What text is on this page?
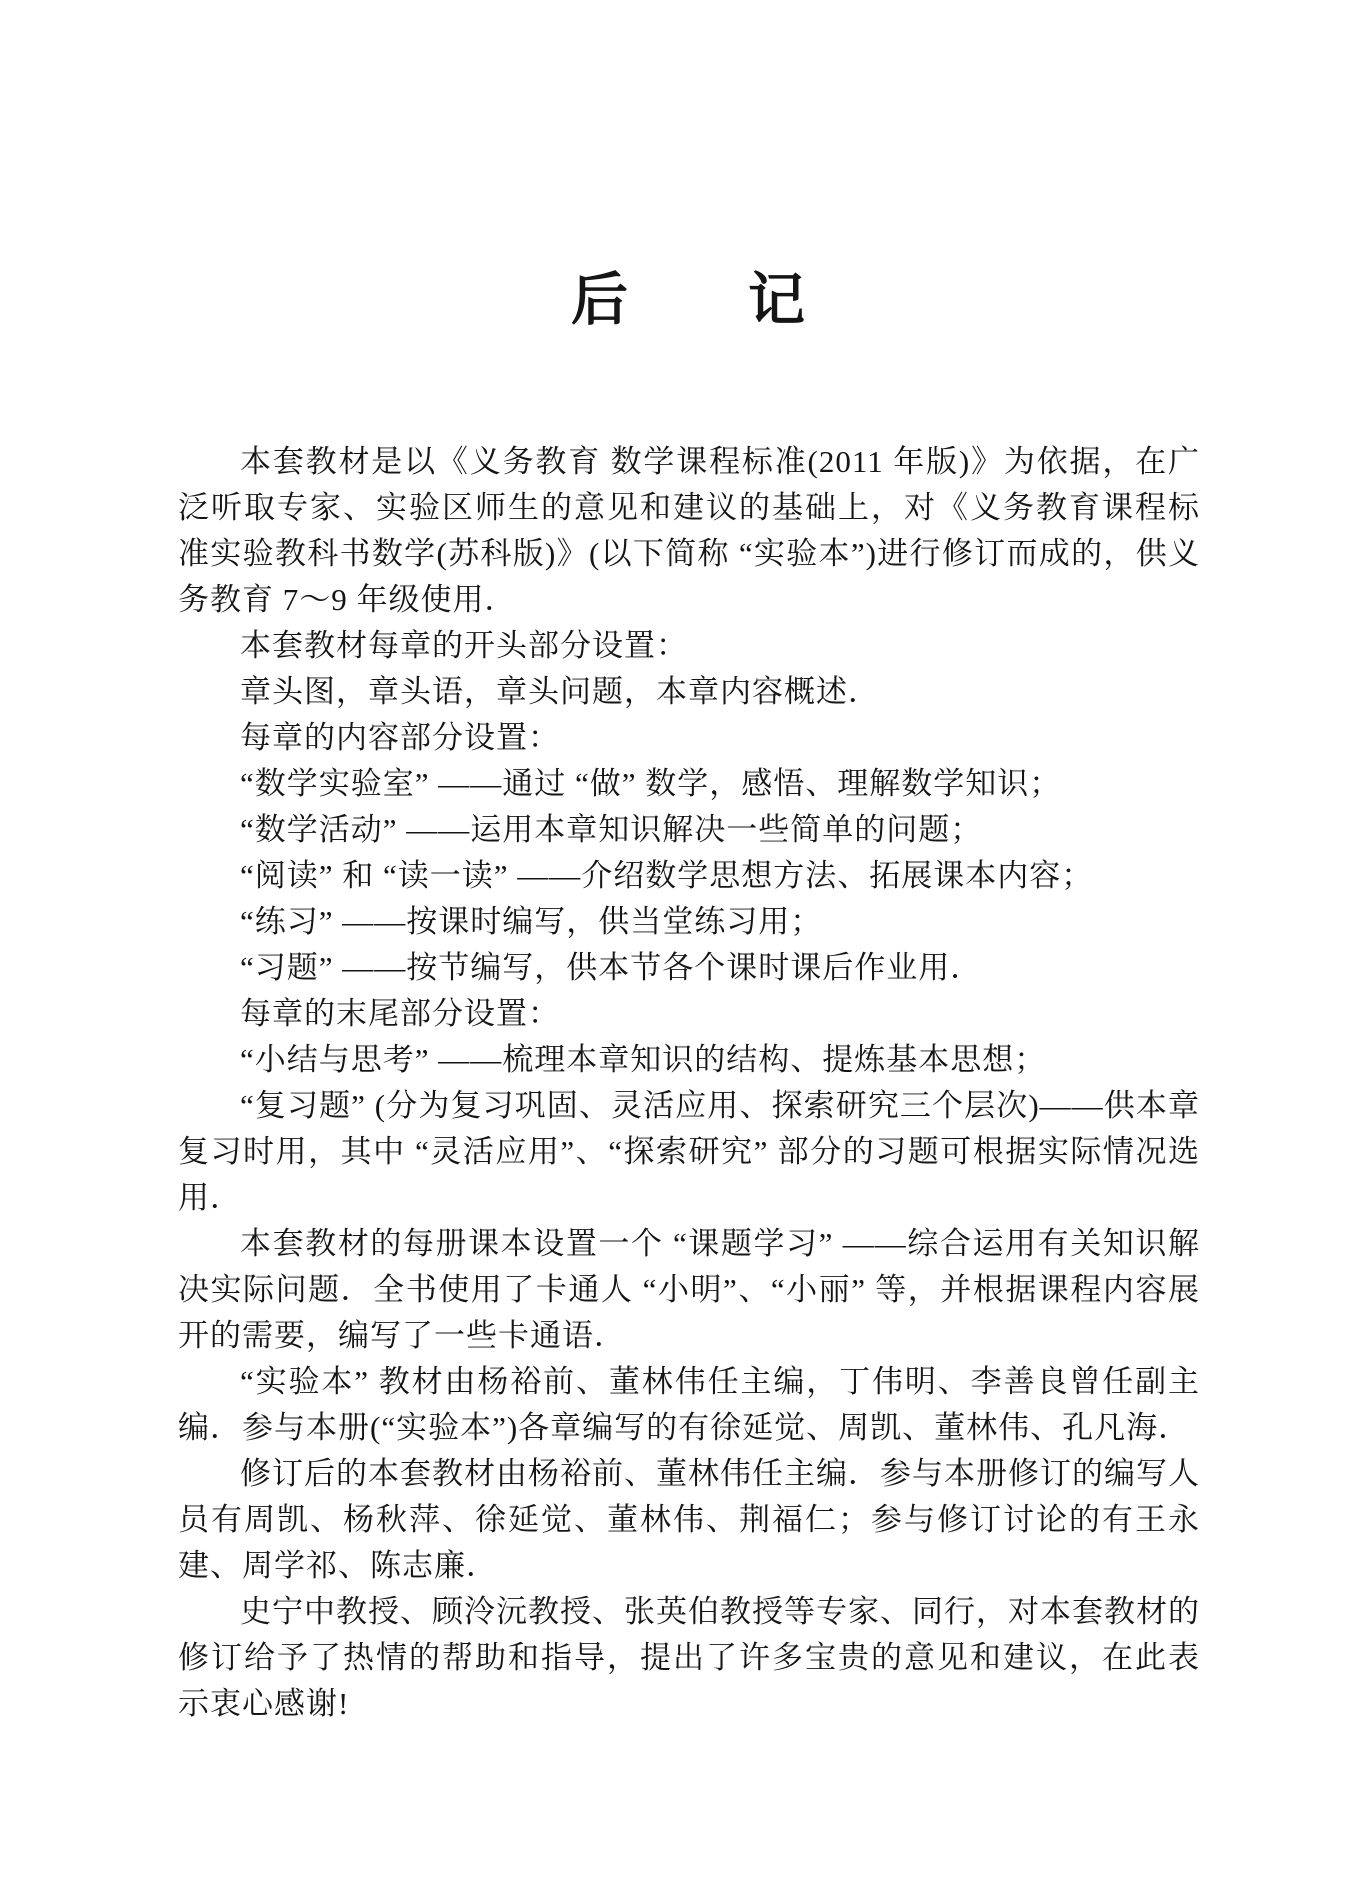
后　　记

本套教材是以《义务教育 数学课程标准(2011 年版)》为依据，在广泛听取专家、实验区师生的意见和建议的基础上，对《义务教育课程标准实验教科书数学(苏科版)》(以下简称 “实验本”)进行修订而成的，供义务教育 7～9 年级使用．

本套教材每章的开头部分设置：

章头图，章头语，章头问题，本章内容概述．

每章的内容部分设置：

“数学实验室” ——通过 “做” 数学，感悟、理解数学知识；

“数学活动” ——运用本章知识解决一些简单的问题；

“阅读” 和 “读一读” ——介绍数学思想方法、拓展课本内容；

“练习” ——按课时编写，供当堂练习用；

“习题” ——按节编写，供本节各个课时课后作业用．

每章的末尾部分设置：

“小结与思考” ——梳理本章知识的结构、提炼基本思想；

“复习题” (分为复习巩固、灵活应用、探索研究三个层次)——供本章复习时用，其中 “灵活应用”、“探索研究” 部分的习题可根据实际情况选用．

本套教材的每册课本设置一个 “课题学习” ——综合运用有关知识解决实际问题．全书使用了卡通人 “小明”、“小丽” 等，并根据课程内容展开的需要，编写了一些卡通语．

“实验本” 教材由杨裕前、董林伟任主编，丁伟明、李善良曾任副主编．参与本册(“实验本”)各章编写的有徐延觉、周凯、董林伟、孔凡海．

修订后的本套教材由杨裕前、董林伟任主编．参与本册修订的编写人员有周凯、杨秋萍、徐延觉、董林伟、荆福仁；参与修订讨论的有王永建、周学祁、陈志廉．

史宁中教授、顾泠沅教授、张英伯教授等专家、同行，对本套教材的修订给予了热情的帮助和指导，提出了许多宝贵的意见和建议，在此表示衷心感谢!
